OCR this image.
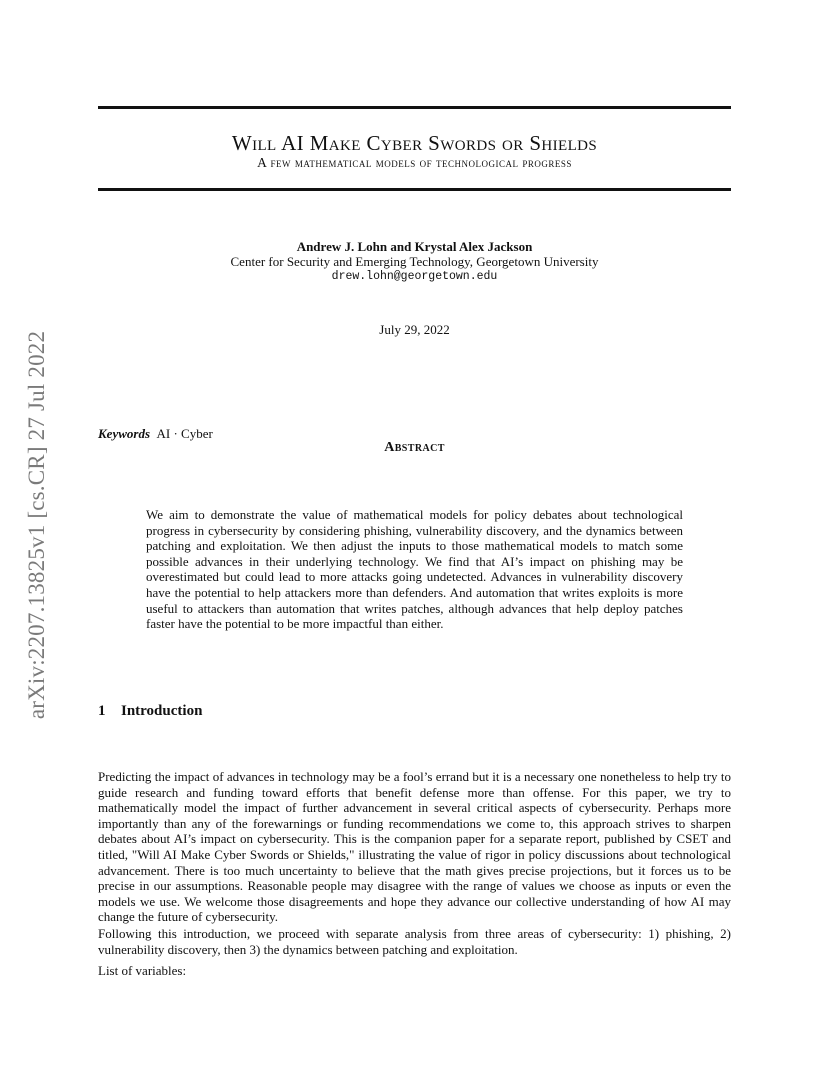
Will AI Make Cyber Swords or Shields
A few mathematical models of technological progress
Andrew J. Lohn and Krystal Alex Jackson
Center for Security and Emerging Technology, Georgetown University
drew.lohn@georgetown.edu
July 29, 2022
Keywords AI · Cyber
Abstract

We aim to demonstrate the value of mathematical models for policy debates about technological progress in cybersecurity by considering phishing, vulnerability discovery, and the dynamics between patching and exploitation. We then adjust the inputs to those mathematical models to match some possible advances in their underlying technology. We find that AI’s impact on phishing may be overestimated but could lead to more attacks going undetected. Advances in vulnerability discovery have the potential to help attackers more than defenders. And automation that writes exploits is more useful to attackers than automation that writes patches, although advances that help deploy patches faster have the potential to be more impactful than either.

1 Introduction

Predicting the impact of advances in technology may be a fool’s errand but it is a necessary one nonetheless to help try to guide research and funding toward efforts that benefit defense more than offense. For this paper, we try to mathematically model the impact of further advancement in several critical aspects of cybersecurity. Perhaps more importantly than any of the forewarnings or funding recommendations we come to, this approach strives to sharpen debates about AI’s impact on cybersecurity. This is the companion paper for a separate report, published by CSET and titled, "Will AI Make Cyber Swords or Shields," illustrating the value of rigor in policy discussions about technological advancement. There is too much uncertainty to believe that the math gives precise projections, but it forces us to be precise in our assumptions. Reasonable people may disagree with the range of values we choose as inputs or even the models we use. We welcome those disagreements and hope they advance our collective understanding of how AI may change the future of cybersecurity.

Following this introduction, we proceed with separate analysis from three areas of cybersecurity: 1) phishing, 2) vulnerability discovery, then 3) the dynamics between patching and exploitation.

List of variables:

arXiv:2207.13825v1 [cs.CR] 27 Jul 2022
